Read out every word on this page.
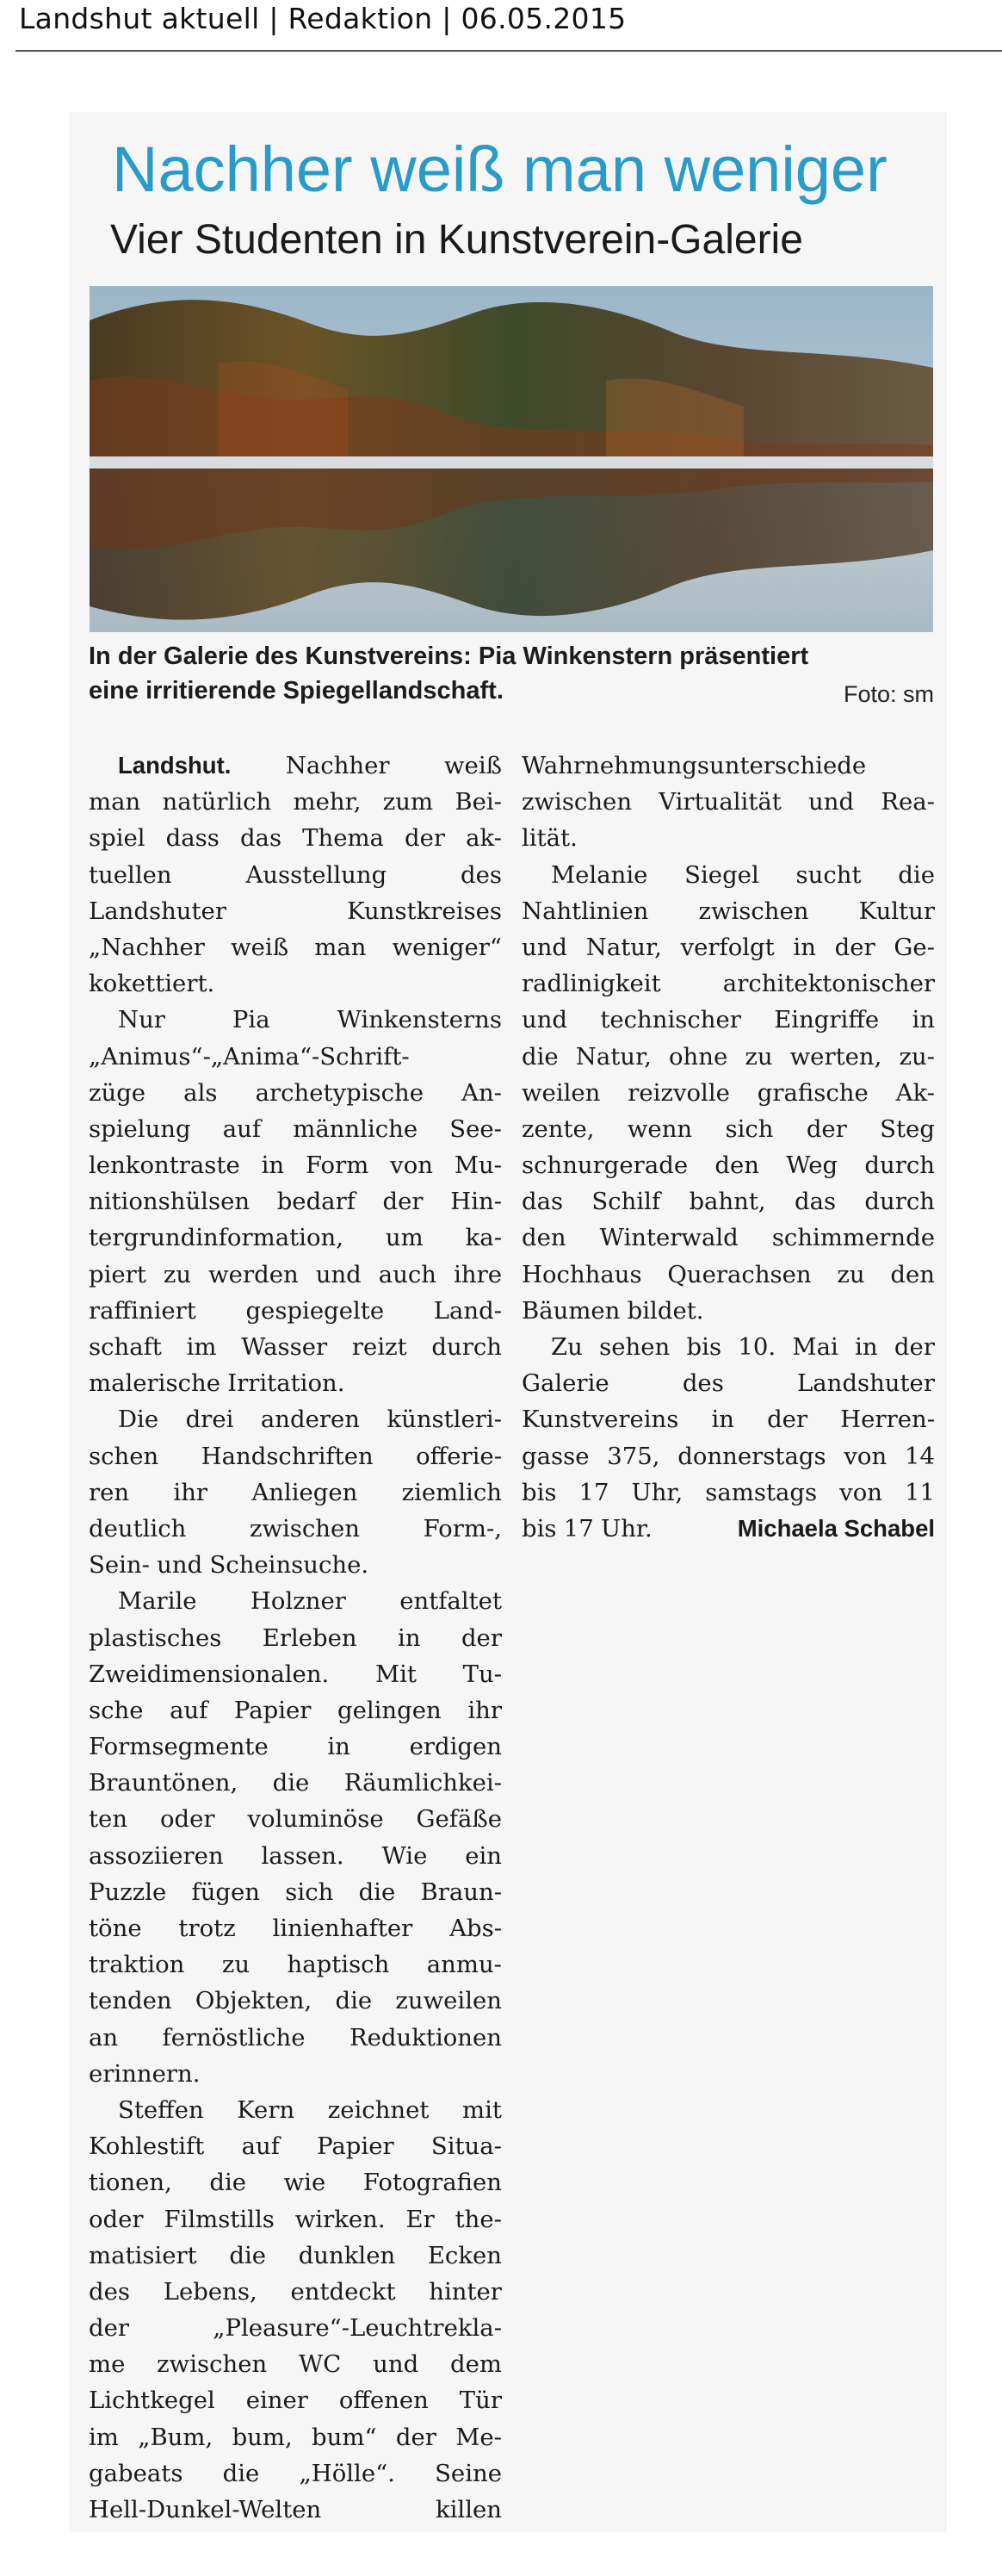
Landshut aktuell | Redaktion | 06.05.2015
Nachher weiß man weniger
Vier Studenten in Kunstverein-Galerie
In der Galerie des Kunstvereins: Pia Winkenstern präsentiert
eine irritierende Spiegellandschaft.	Foto: sm
Landshut. Nachher weiß
man natürlich mehr, zum Bei-
spiel dass das Thema der ak-
tuellen	Ausstellung	des
Landshuter	Kunstkreises
„Nachher weiß man weniger“
kokettiert.
Nur	Pia	Winkensterns
„Animus“-„Anima“-Schrift-
züge als archetypische An-
spielung auf männliche See-
lenkontraste in Form von Mu-
nitionshülsen bedarf der Hin-
tergrundinformation, um ka-
piert zu werden und auch ihre
raffiniert gespiegelte Land-
schaft im Wasser reizt durch
malerische Irritation.
Die drei anderen künstleri-
schen Handschriften offerie-
ren ihr Anliegen ziemlich
deutlich	zwischen	Form-,
Sein- und Scheinsuche.
Marile Holzner entfaltet
plastisches Erleben in der
Zweidimensionalen. Mit Tu-
sche auf Papier gelingen ihr
Formsegmente in erdigen
Brauntönen, die Räumlichkei-
ten oder voluminöse Gefäße
assoziieren lassen. Wie ein
Puzzle fügen sich die Braun-
töne trotz linienhafter Abs-
traktion zu haptisch anmu-
tenden Objekten, die zuweilen
an fernöstliche Reduktionen
erinnern.
Steffen Kern zeichnet mit
Kohlestift auf Papier Situa-
tionen, die wie Fotografien
oder Filmstills wirken. Er the-
matisiert die dunklen Ecken
des Lebens, entdeckt hinter
der	„Pleasure“-Leuchtrekla-
me zwischen WC und dem
Lichtkegel einer offenen Tür
im „Bum, bum, bum“ der Me-
gabeats die „Hölle“. Seine
Hell-Dunkel-Welten	killen
Wahrnehmungsunterschiede
zwischen Virtualität und Rea-
lität.
Melanie Siegel sucht die
Nahtlinien zwischen Kultur
und Natur, verfolgt in der Ge-
radlinigkeit	architektonischer
und technischer Eingriffe in
die Natur, ohne zu werten, zu-
weilen reizvolle grafische Ak-
zente, wenn sich der Steg
schnurgerade den Weg durch
das Schilf bahnt, das durch
den Winterwald schimmernde
Hochhaus Querachsen zu den
Bäumen bildet.
Zu sehen bis 10. Mai in der
Galerie	des	Landshuter
Kunstvereins in der Herren-
gasse 375, donnerstags von 14
bis 17 Uhr, samstags von 11
bis 17 Uhr.	Michaela Schabel
